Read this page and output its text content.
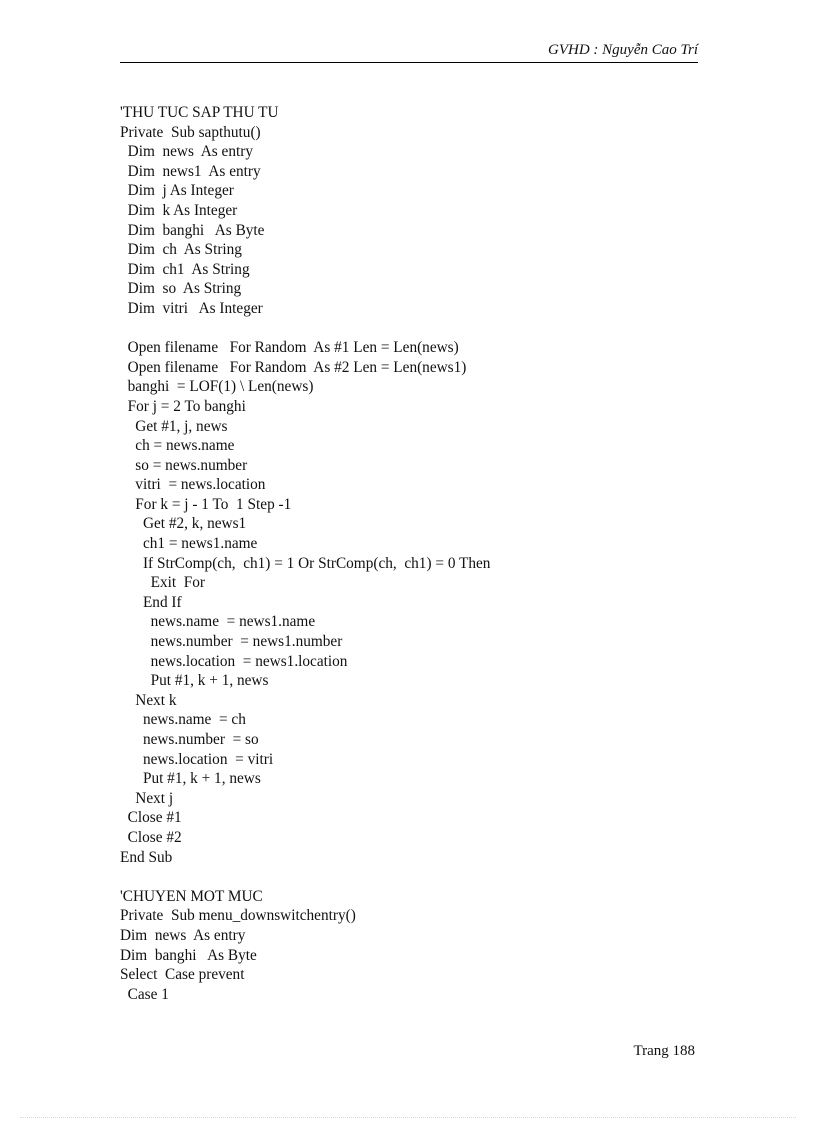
GVHD : Nguyễn Cao Trí
'THU TUC SAP THU TU
Private  Sub sapthutu()
Dim  news  As entry
Dim  news1  As entry
Dim  j As Integer
Dim  k As Integer
Dim  banghi   As Byte
Dim  ch  As String
Dim  ch1  As String
Dim  so  As String
Dim  vitri   As Integer
Open filename   For Random  As #1 Len = Len(news)
Open filename   For Random  As #2 Len = Len(news1)
banghi  = LOF(1) \ Len(news)
For j = 2 To banghi
Get #1, j, news
ch = news.name
so = news.number
vitri  = news.location
For k = j - 1 To  1 Step -1
Get #2, k, news1
ch1 = news1.name
If StrComp(ch,  ch1) = 1 Or StrComp(ch,  ch1) = 0 Then
Exit  For
End If
news.name  = news1.name
news.number  = news1.number
news.location  = news1.location
Put #1, k + 1, news
Next k
news.name  = ch
news.number  = so
news.location  = vitri
Put #1, k + 1, news
Next j
Close #1
Close #2
End Sub
'CHUYEN MOT MUC
Private  Sub menu_downswitchentry()
Dim  news  As entry
Dim  banghi   As Byte
Select  Case prevent
Case 1
Trang 188
